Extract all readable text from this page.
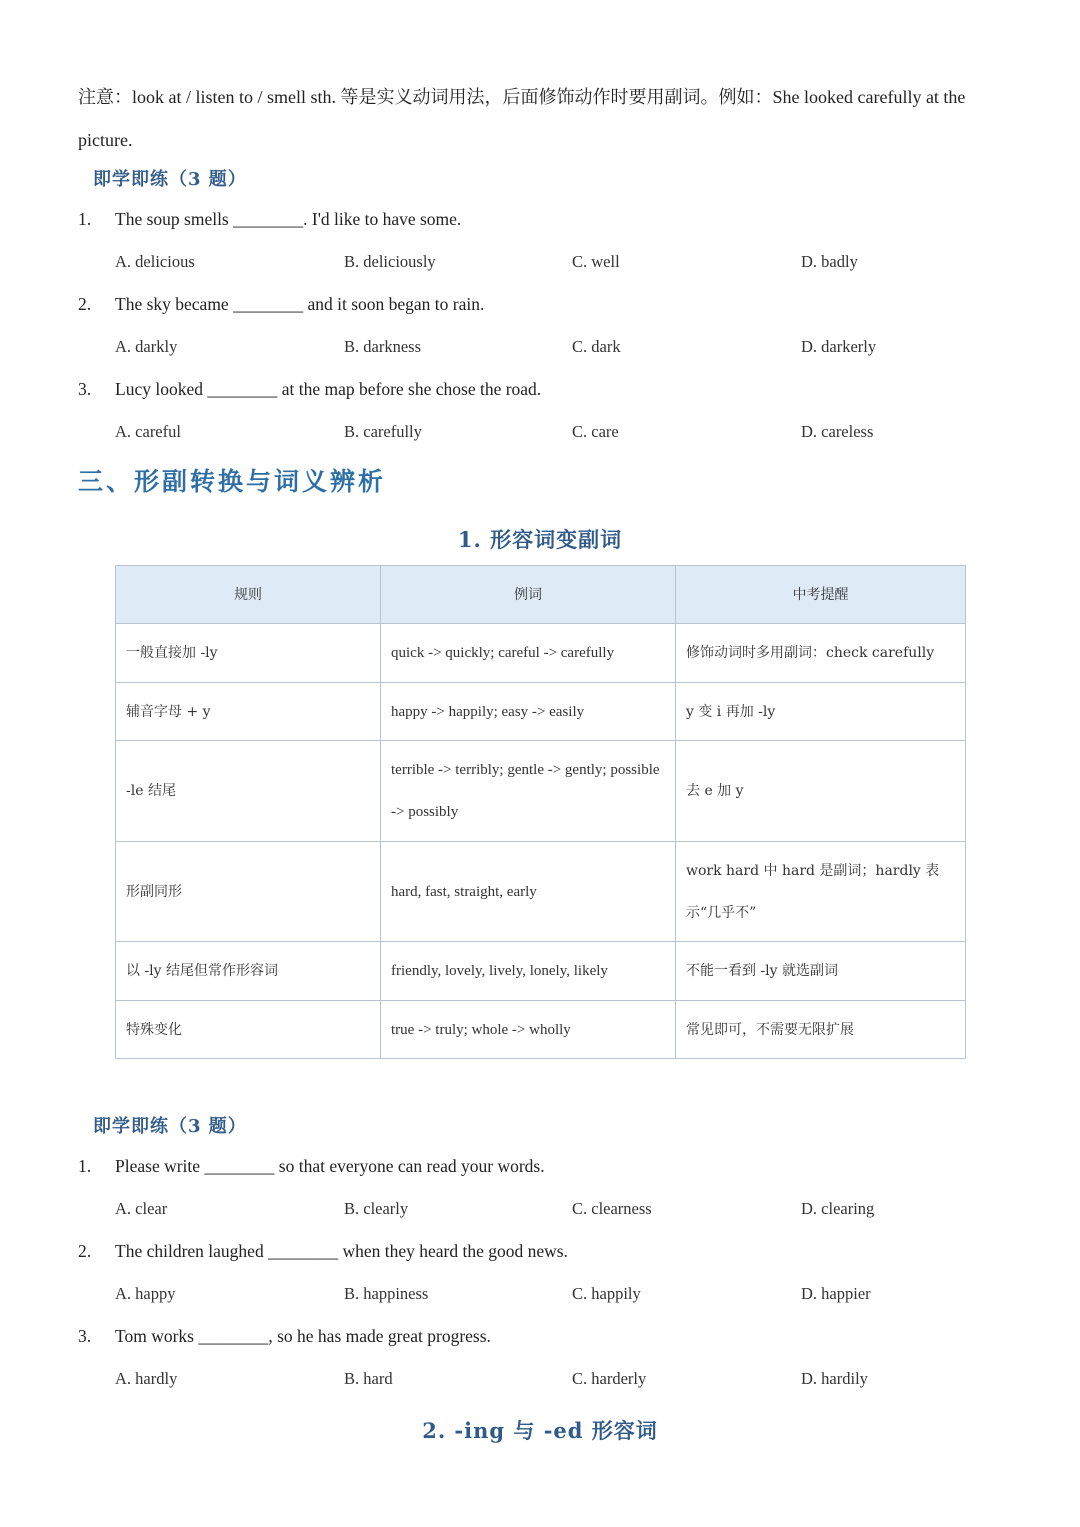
注意：look at / listen to / smell sth. 等是实义动词用法，后面修饰动作时要用副词。例如：She looked carefully at the picture.
即学即练（3 题）
1. The soup smells ________. I'd like to have some.
A. delicious	B. deliciously	C. well	D. badly
2. The sky became ________ and it soon began to rain.
A. darkly	B. darkness	C. dark	D. darkerly
3. Lucy looked ________ at the map before she chose the road.
A. careful	B. carefully	C. care	D. careless
三、形副转换与词义辨析
1. 形容词变副词
规则	例词	中考提醒
一般直接加 -ly	quick -> quickly; careful -> carefully	修饰动词时多用副词：check carefully
辅音字母 + y	happy -> happily; easy -> easily	y 变 i 再加 -ly
-le 结尾	terrible -> terribly; gentle -> gently; possible -> possibly	去 e 加 y
形副同形	hard, fast, straight, early	work hard 中 hard 是副词；hardly 表示“几乎不”
以 -ly 结尾但常作形容词	friendly, lovely, lively, lonely, likely	不能一看到 -ly 就选副词
特殊变化	true -> truly; whole -> wholly	常见即可，不需要无限扩展
即学即练（3 题）
1. Please write ________ so that everyone can read your words.
A. clear	B. clearly	C. clearness	D. clearing
2. The children laughed ________ when they heard the good news.
A. happy	B. happiness	C. happily	D. happier
3. Tom works ________, so he has made great progress.
A. hardly	B. hard	C. harderly	D. hardily
2. -ing 与 -ed 形容词
